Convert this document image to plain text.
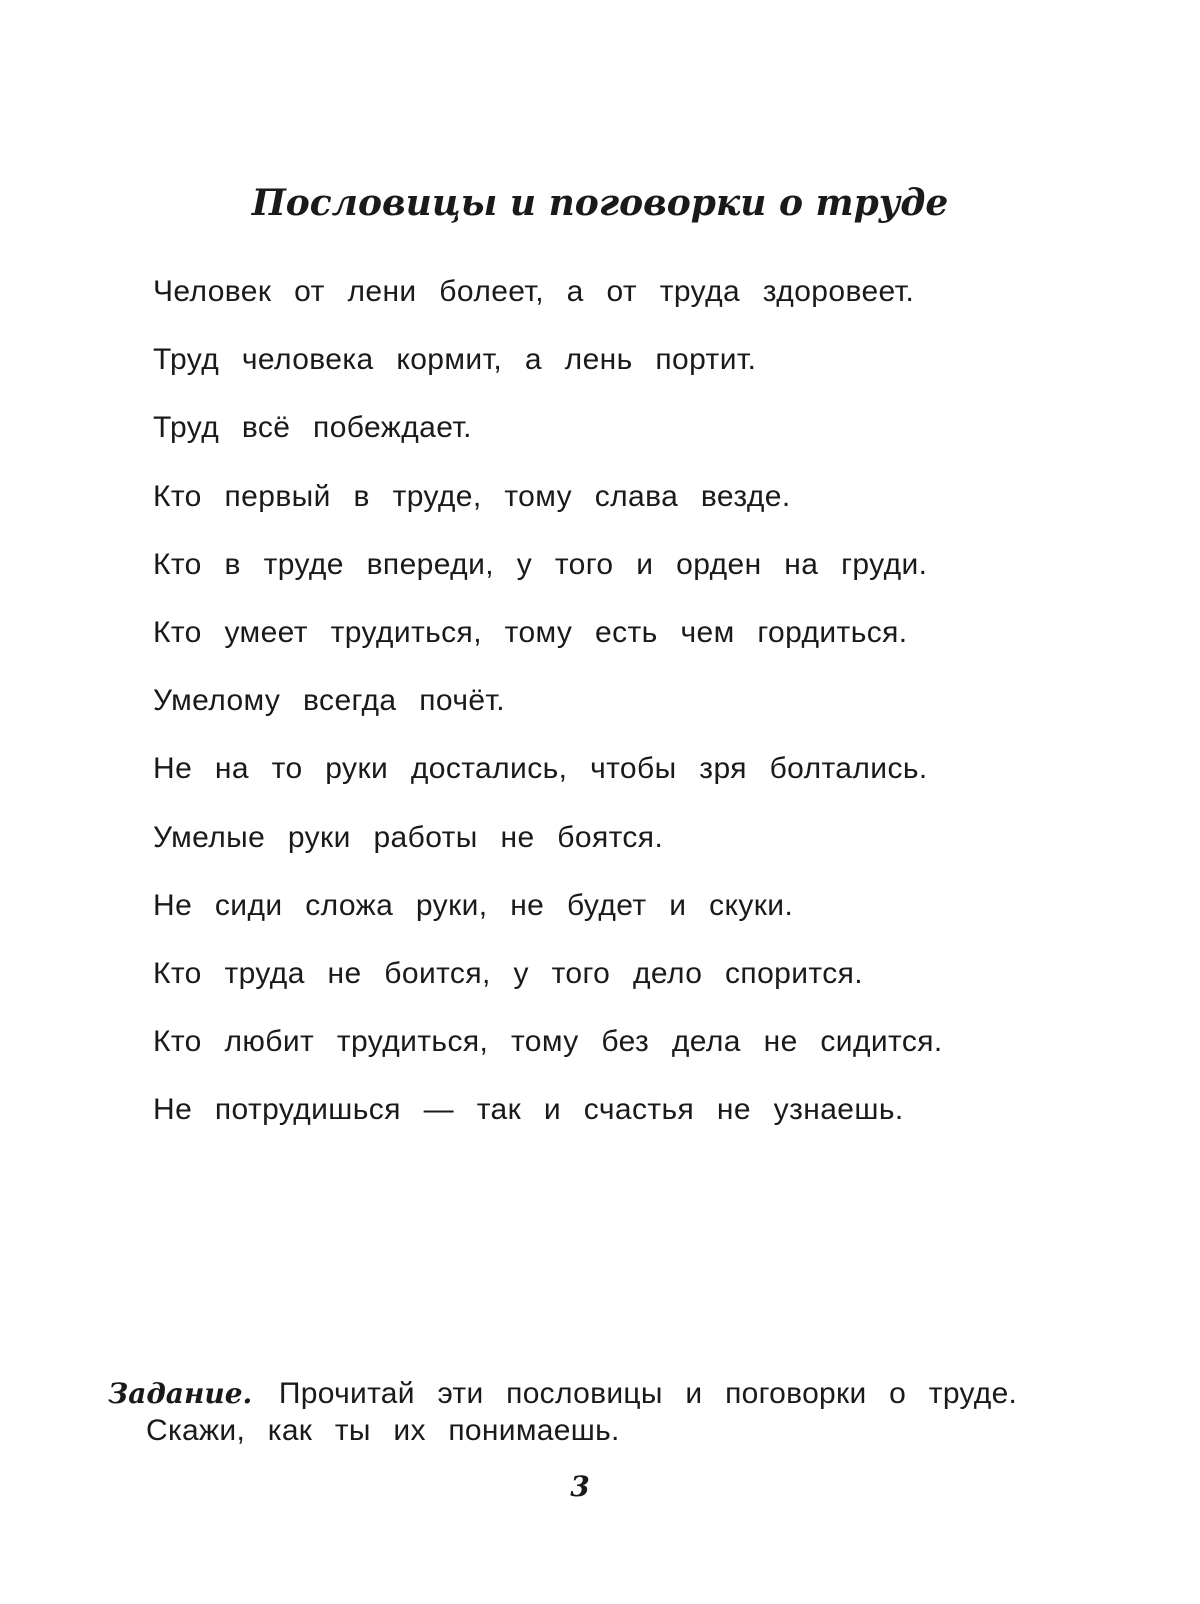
Пословицы и поговорки о труде
Человек от лени болеет, а от труда здоровеет.
Труд человека кормит, а лень портит.
Труд всё побеждает.
Кто первый в труде, тому слава везде.
Кто в труде впереди, у того и орден на груди.
Кто умеет трудиться, тому есть чем гордиться.
Умелому всегда почёт.
Не на то руки достались, чтобы зря болтались.
Умелые руки работы не боятся.
Не сиди сложа руки, не будет и скуки.
Кто труда не боится, у того дело спорится.
Кто любит трудиться, тому без дела не сидится.
Не потрудишься — так и счастья не узнаешь.
Задание. Прочитай эти пословицы и поговорки о труде.
Скажи, как ты их понимаешь.
3
